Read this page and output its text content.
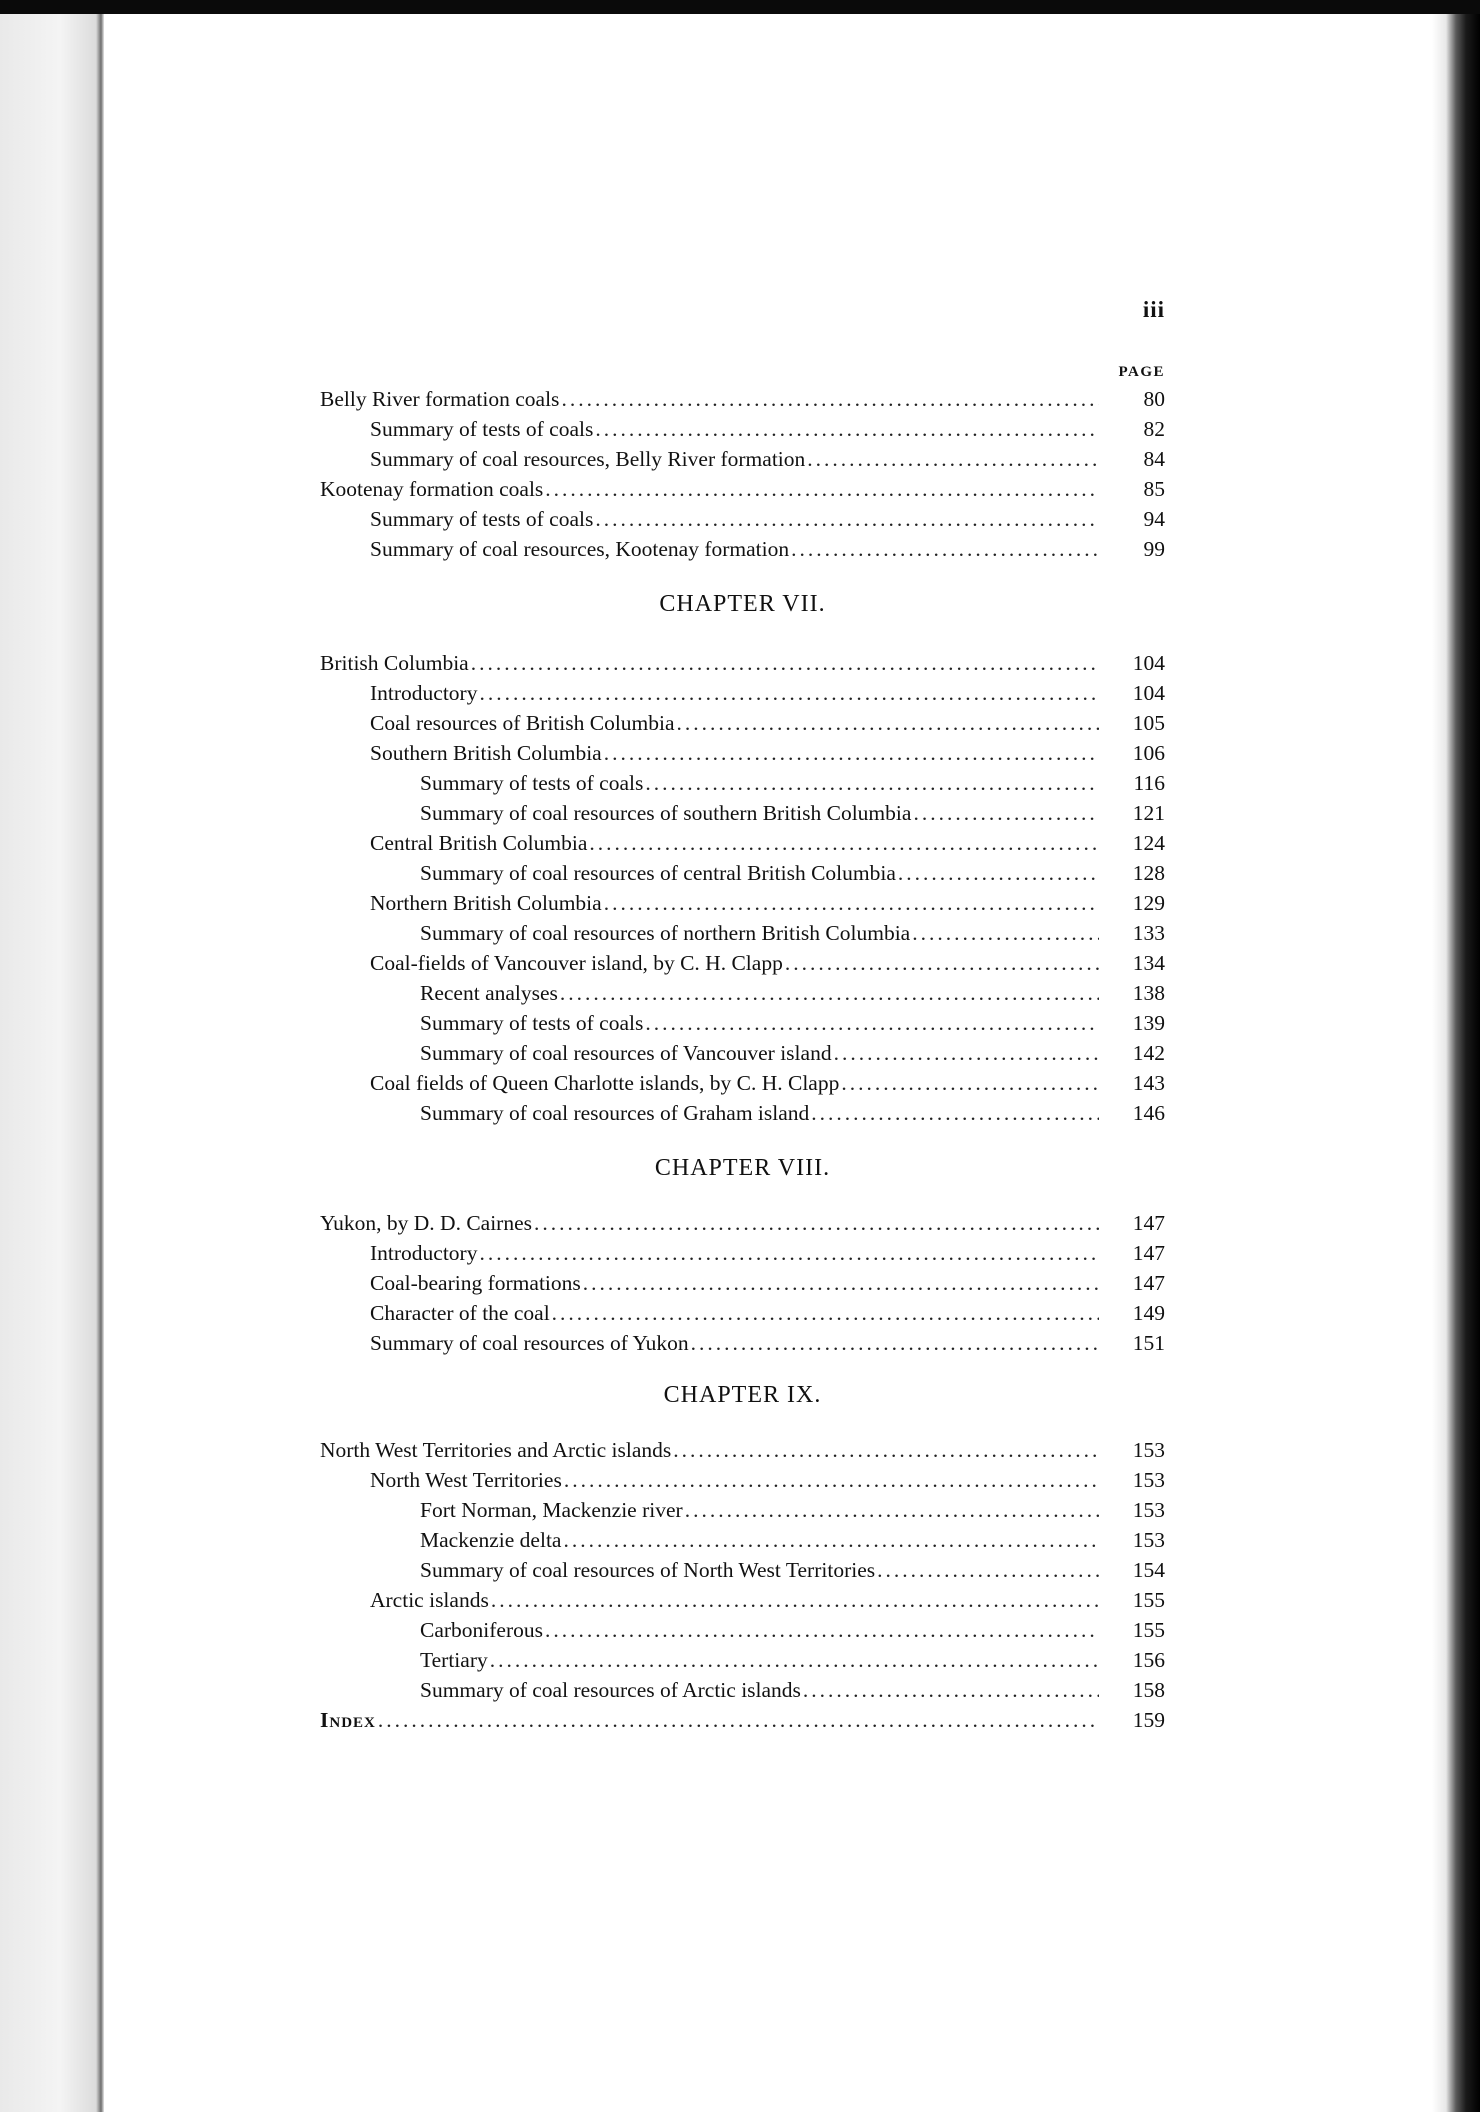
iii
PAGE
Belly River formation coals .....	80
Summary of tests of coals .....	82
Summary of coal resources, Belly River formation .....	84
Kootenay formation coals .....	85
Summary of tests of coals .....	94
Summary of coal resources, Kootenay formation .....	99
CHAPTER VII.
British Columbia .....	104
Introductory .....	104
Coal resources of British Columbia .....	105
Southern British Columbia .....	106
Summary of tests of coals .....	116
Summary of coal resources of southern British Columbia .....	121
Central British Columbia .....	124
Summary of coal resources of central British Columbia .....	128
Northern British Columbia .....	129
Summary of coal resources of northern British Columbia .....	133
Coal-fields of Vancouver island, by C. H. Clapp .....	134
Recent analyses .....	138
Summary of tests of coals .....	139
Summary of coal resources of Vancouver island .....	142
Coal fields of Queen Charlotte islands, by C. H. Clapp .....	143
Summary of coal resources of Graham island .....	146
CHAPTER VIII.
Yukon, by D. D. Cairnes .....	147
Introductory .....	147
Coal-bearing formations .....	147
Character of the coal .....	149
Summary of coal resources of Yukon .....	151
CHAPTER IX.
North West Territories and Arctic islands .....	153
North West Territories .....	153
Fort Norman, Mackenzie river .....	153
Mackenzie delta .....	153
Summary of coal resources of North West Territories .....	154
Arctic islands .....	155
Carboniferous .....	155
Tertiary .....	156
Summary of coal resources of Arctic islands .....	158
Index .....	159
